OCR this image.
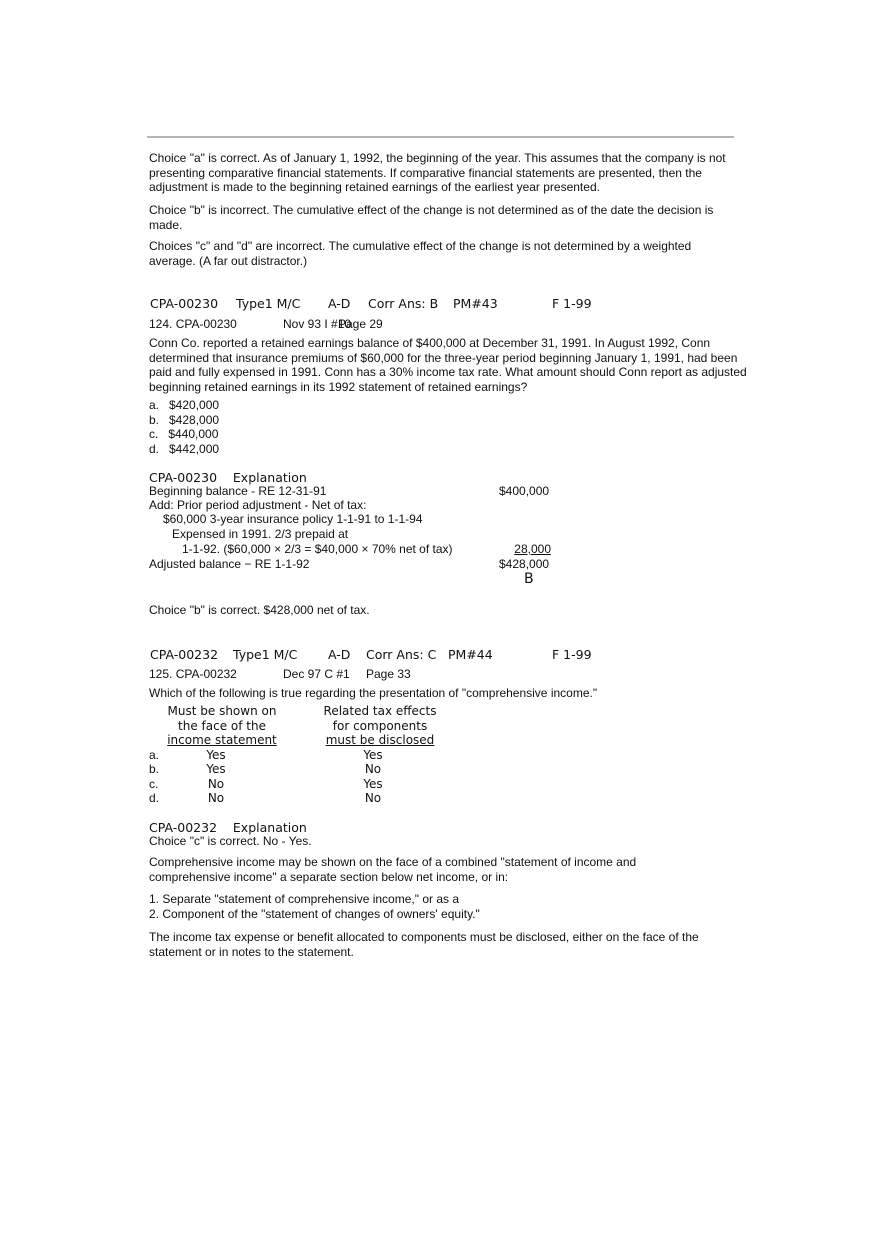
Choice "a" is correct. As of January 1, 1992, the beginning of the year. This assumes that the company is not presenting comparative financial statements. If comparative financial statements are presented, then the adjustment is made to the beginning retained earnings of the earliest year presented.
Choice "b" is incorrect. The cumulative effect of the change is not determined as of the date the decision is made.
Choices "c" and "d" are incorrect. The cumulative effect of the change is not determined by a weighted average. (A far out distractor.)
CPA-00230 Type1 M/C A-D Corr Ans: B PM#43	F 1-99
124. CPA-00230	Nov 93 I #10
Page 29
Conn Co. reported a retained earnings balance of $400,000 at December 31, 1991. In August 1992, Conn determined that insurance premiums of $60,000 for the three-year period beginning January 1, 1991, had been paid and fully expensed in 1991. Conn has a 30% income tax rate. What amount should Conn report as adjusted beginning retained earnings in its 1992 statement of retained earnings?
a.   $420,000
b.   $428,000
c.   $440,000
d.   $442,000
CPA-00230    Explanation
Beginning balance - RE 12-31-91	$400,000
Add: Prior period adjustment - Net of tax:
$60,000 3-year insurance policy 1-1-91 to 1-1-94
Expensed in 1991. 2/3 prepaid at
1-1-92. ($60,000 × 2/3 = $40,000 × 70% net of tax)	28,000
Adjusted balance − RE 1-1-92	$428,000
B
Choice "b" is correct. $428,000 net of tax.
CPA-00232 Type1 M/C A-D Corr Ans: C PM#44	F 1-99
125. CPA-00232	Dec 97 C #1 Page 33
Which of the following is true regarding the presentation of "comprehensive income."
Must be shown on
the face of the
income statement
Related tax effects
for components
must be disclosed
a.	Yes	Yes
b.	Yes	No
c.	No	Yes
d.	No	No
CPA-00232    Explanation
Choice "c" is correct. No - Yes.
Comprehensive income may be shown on the face of a combined "statement of income and comprehensive income" a separate section below net income, or in:
1. Separate "statement of comprehensive income," or as a
2. Component of the "statement of changes of owners' equity."
The income tax expense or benefit allocated to components must be disclosed, either on the face of the statement or in notes to the statement.
